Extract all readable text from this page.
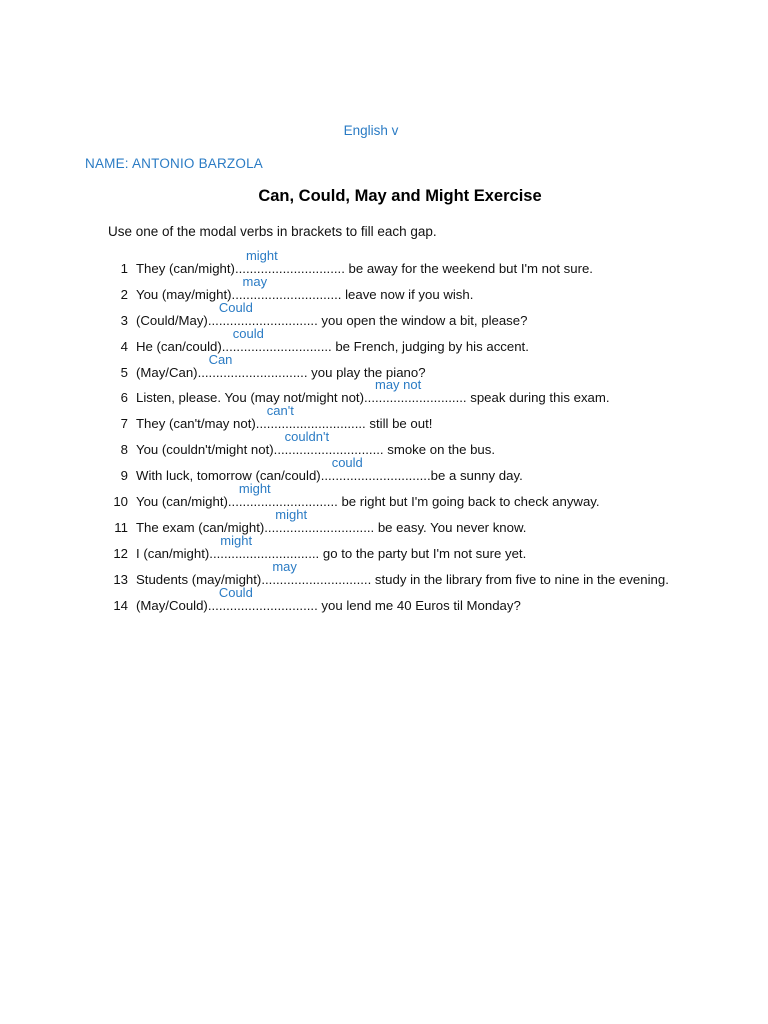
English v
NAME: ANTONIO BARZOLA
Can, Could, May and Might Exercise
Use one of the modal verbs in brackets to fill each gap.
1 They (can/might)..............................
might
be away for the weekend but I'm not sure.
2 You (may/might)..............................
may
leave now if you wish.
3 (Could/May)..............................
Could
you open the window a bit, please?
4 He (can/could)..............................
could
be French, judging by his accent.
5 (May/Can)..............................
Can
you play the piano?
6 Listen, please. You (may not/might not)............................
may not
speak during this exam.
7 They (can't/may not)..............................
can't
still be out!
8 You (couldn't/might not)..............................
couldn't
smoke on the bus.
9 With luck, tomorrow (can/could)..............................
could
be a sunny day.
10 You (can/might)..............................
might
be right but I'm going back to check anyway.
11 The exam (can/might)..............................
might
be easy. You never know.
12 I (can/might)..............................
might
go to the party but I'm not sure yet.
13 Students (may/might)..............................
may
study in the library from five to nine in the evening.
14 (May/Could)..............................
Could
you lend me 40 Euros til Monday?
